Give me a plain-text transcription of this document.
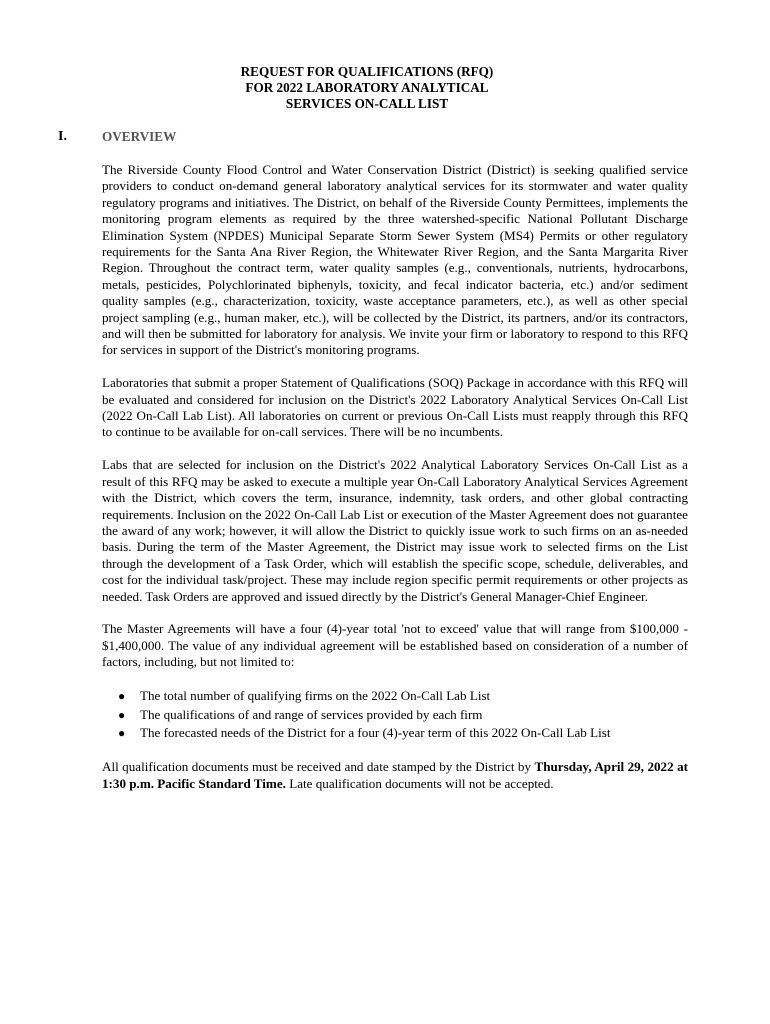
REQUEST FOR QUALIFICATIONS (RFQ)
FOR 2022 LABORATORY ANALYTICAL
SERVICES ON-CALL LIST
I.	OVERVIEW

The Riverside County Flood Control and Water Conservation District (District) is seeking qualified service providers to conduct on-demand general laboratory analytical services for its stormwater and water quality regulatory programs and initiatives. The District, on behalf of the Riverside County Permittees, implements the monitoring program elements as required by the three watershed-specific National Pollutant Discharge Elimination System (NPDES) Municipal Separate Storm Sewer System (MS4) Permits or other regulatory requirements for the Santa Ana River Region, the Whitewater River Region, and the Santa Margarita River Region. Throughout the contract term, water quality samples (e.g., conventionals, nutrients, hydrocarbons, metals, pesticides, Polychlorinated biphenyls, toxicity, and fecal indicator bacteria, etc.) and/or sediment quality samples (e.g., characterization, toxicity, waste acceptance parameters, etc.), as well as other special project sampling (e.g., human maker, etc.), will be collected by the District, its partners, and/or its contractors, and will then be submitted for laboratory for analysis. We invite your firm or laboratory to respond to this RFQ for services in support of the District's monitoring programs.

Laboratories that submit a proper Statement of Qualifications (SOQ) Package in accordance with this RFQ will be evaluated and considered for inclusion on the District's 2022 Laboratory Analytical Services On-Call List (2022 On-Call Lab List). All laboratories on current or previous On-Call Lists must reapply through this RFQ to continue to be available for on-call services. There will be no incumbents.

Labs that are selected for inclusion on the District's 2022 Analytical Laboratory Services On-Call List as a result of this RFQ may be asked to execute a multiple year On-Call Laboratory Analytical Services Agreement with the District, which covers the term, insurance, indemnity, task orders, and other global contracting requirements. Inclusion on the 2022 On-Call Lab List or execution of the Master Agreement does not guarantee the award of any work; however, it will allow the District to quickly issue work to such firms on an as-needed basis. During the term of the Master Agreement, the District may issue work to selected firms on the List through the development of a Task Order, which will establish the specific scope, schedule, deliverables, and cost for the individual task/project. These may include region specific permit requirements or other projects as needed. Task Orders are approved and issued directly by the District's General Manager-Chief Engineer.

The Master Agreements will have a four (4)-year total 'not to exceed' value that will range from $100,000 - $1,400,000. The value of any individual agreement will be established based on consideration of a number of factors, including, but not limited to:

● The total number of qualifying firms on the 2022 On-Call Lab List
● The qualifications of and range of services provided by each firm
● The forecasted needs of the District for a four (4)-year term of this 2022 On-Call Lab List

All qualification documents must be received and date stamped by the District by Thursday, April 29, 2022 at 1:30 p.m. Pacific Standard Time. Late qualification documents will not be accepted.
